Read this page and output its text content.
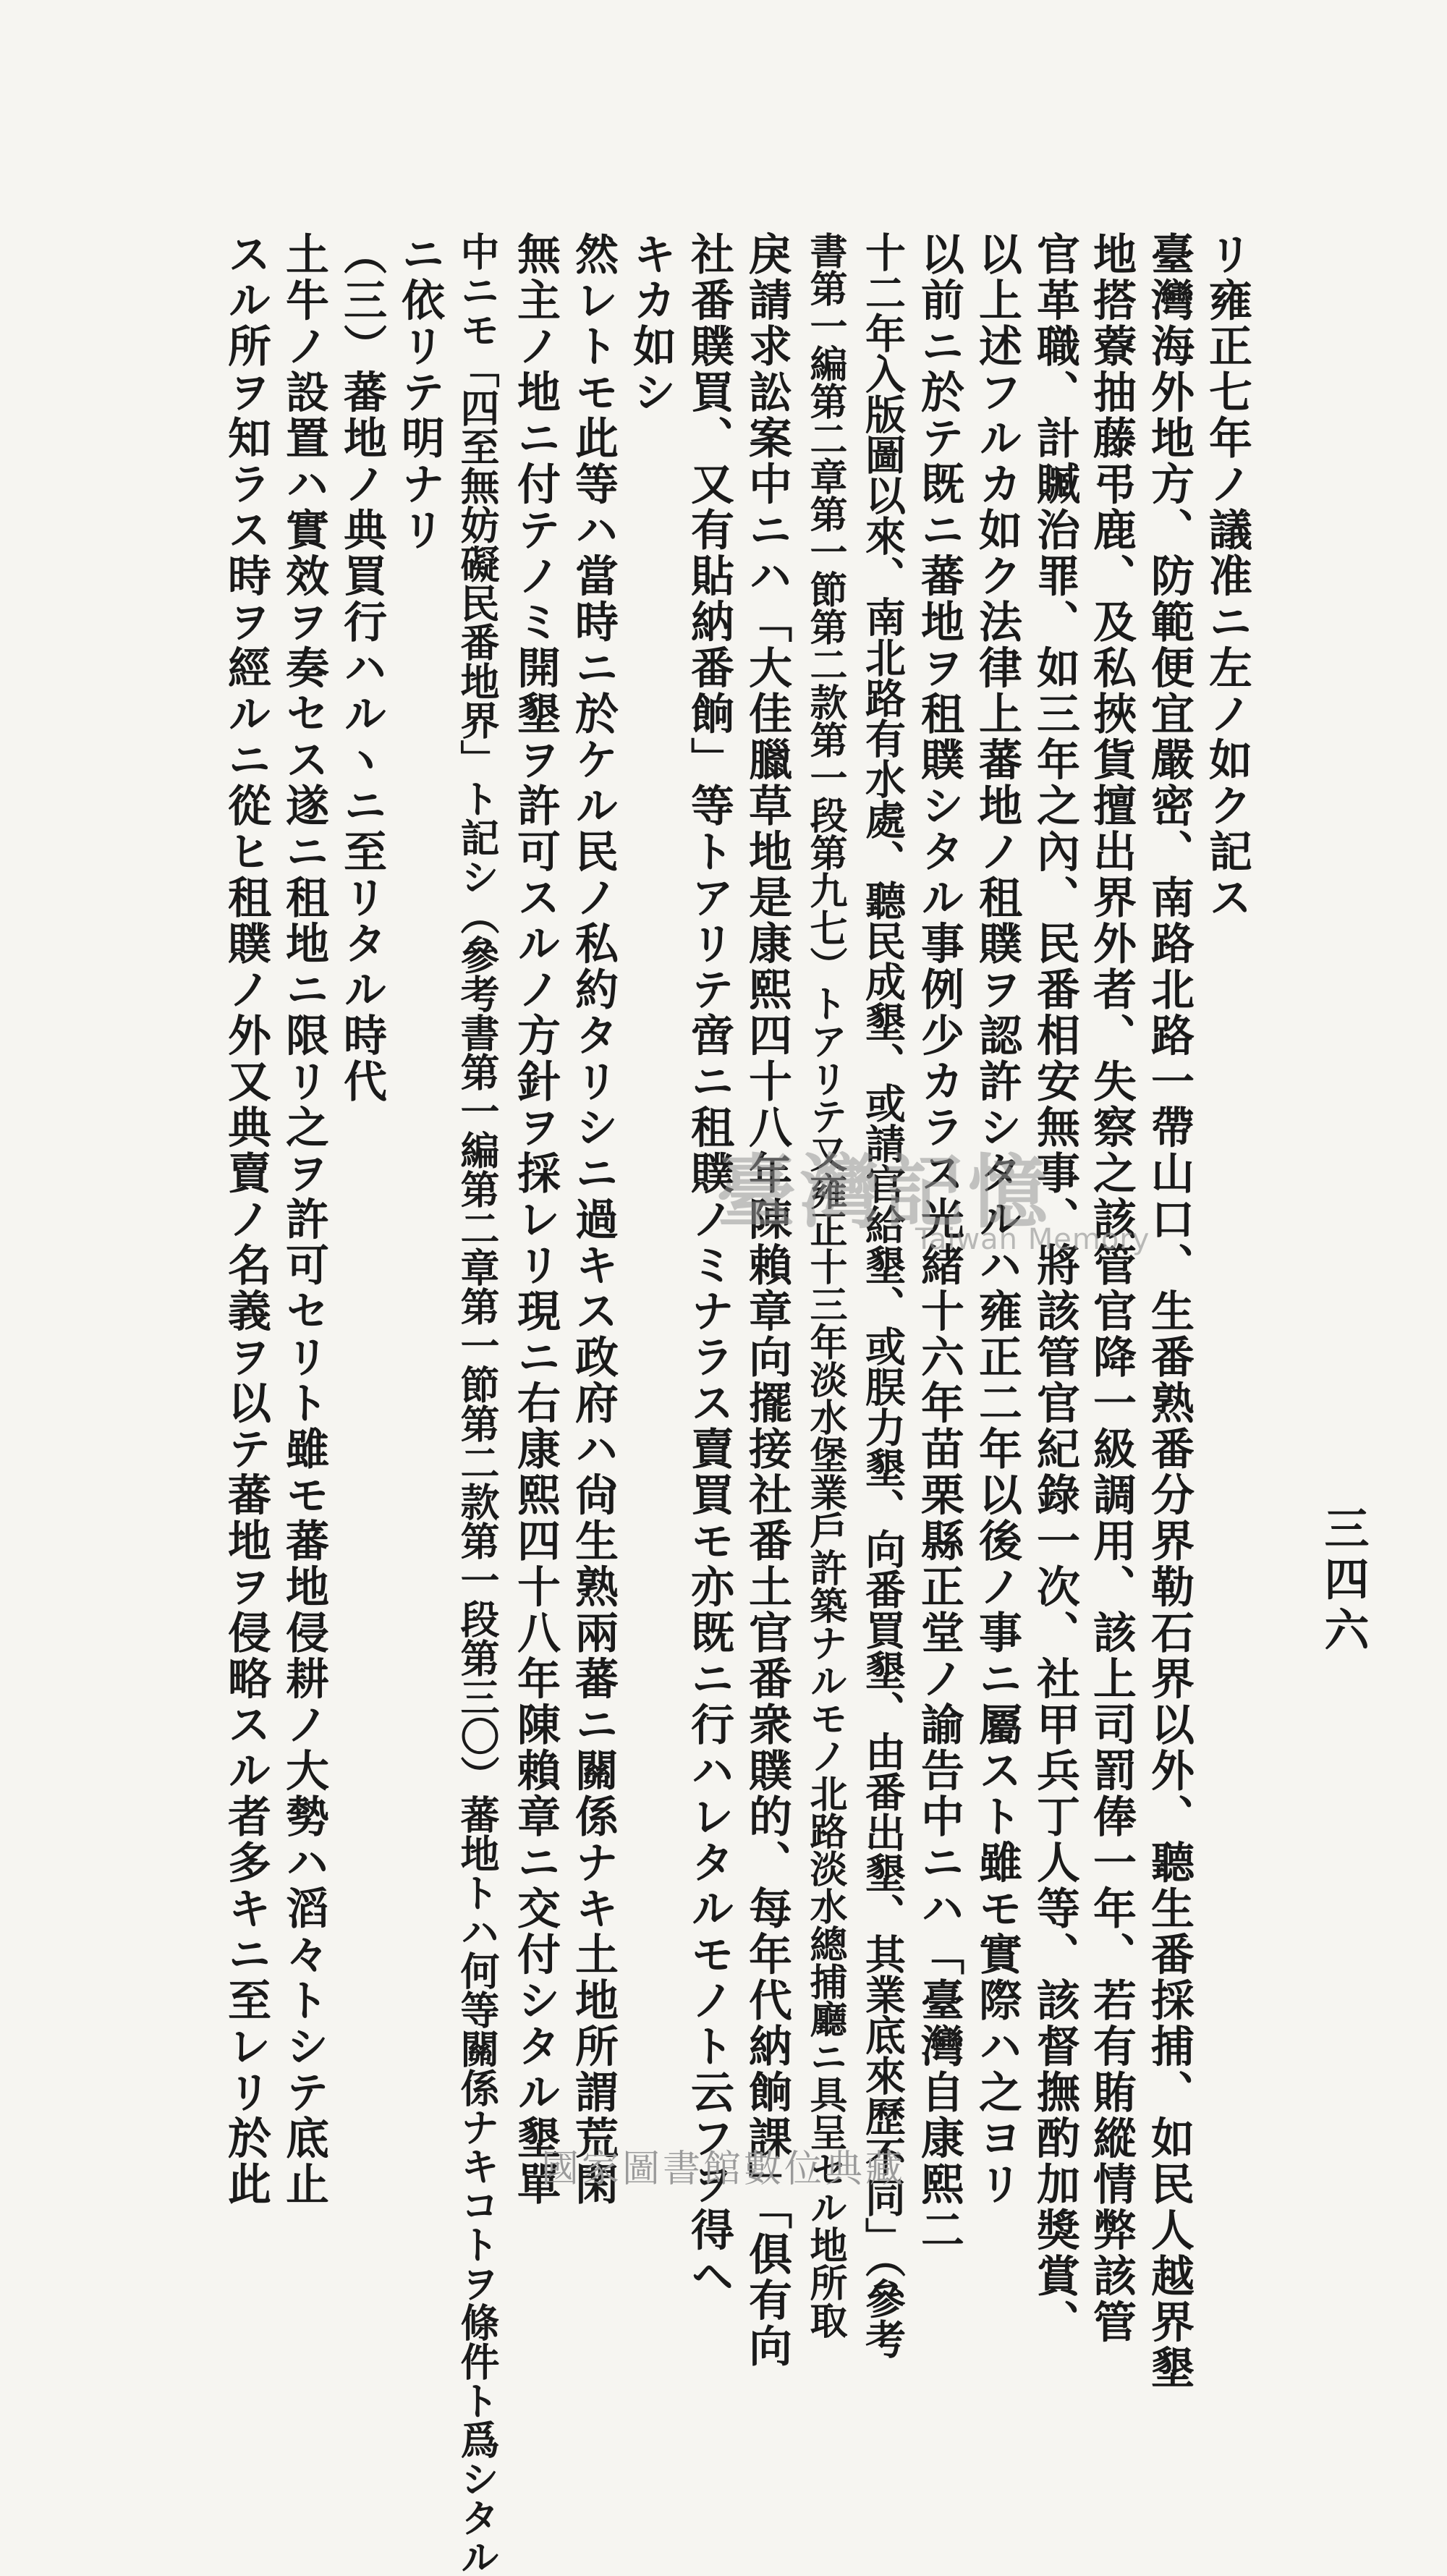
三四六
リ雍正七年ノ議准ニ左ノ如ク記ス
臺灣海外地方、防範便宜嚴密、南路北路一帶山口、生番熟番分界勒石界以外、聽生番採捕、如民人越界墾
地搭藔抽藤弔鹿、及私挾貨擅出界外者、失察之該管官降一級調用、該上司罰俸一年、若有賄縱情弊該管
官革職、計贓治罪、如三年之內、民番相安無事、將該管官紀錄一次、社甲兵丁人等、該督撫酌加獎賞、
以上述フルカ如ク法律上蕃地ノ租贌ヲ認許シタルハ雍正二年以後ノ事ニ屬スト雖モ實際ハ之ヨリ
以前ニ於テ既ニ蕃地ヲ租贌シタル事例少カラス光緒十六年苗栗縣正堂ノ諭告中ニハ「臺灣自康熙二
十二年入版圖以來、南北路有水處、聽民成墾、或請官給墾、或脵力墾、向番買墾、由番出墾、其業底來歷不同」（參考
書第一編第二章第一節第二款第一段第九七）トアリテ又雍正十三年淡水堡業戶許築ナルモノ北路淡水總捕廳ニ具呈セル地所取
戾請求訟案中ニハ「大佳臘草地是康熙四十八年陳賴章向擺接社番土官番衆贌的、每年代納餉課」「俱有向
社番贌買、又有貼納番餉」等トアリテ啻ニ租贌ノミナラス賣買モ亦既ニ行ハレタルモノト云フヲ得ヘ
キカ如シ
然レトモ此等ハ當時ニ於ケル民ノ私約タリシニ過キス政府ハ尙生熟兩蕃ニ關係ナキ土地所謂荒閑
無主ノ地ニ付テノミ開墾ヲ許可スルノ方針ヲ採レリ現ニ右康熙四十八年陳賴章ニ交付シタル墾單
中ニモ「四至無妨礙民番地界」ト記シ（參考書第一編第二章第一節第二款第一段第三〇）蕃地トハ何等關係ナキコトヲ條件ト爲シタル
ニ依リテ明ナリ
（三）蕃地ノ典買行ハルヽニ至リタル時代
土牛ノ設置ハ實效ヲ奏セス遂ニ租地ニ限リ之ヲ許可セリト雖モ蕃地侵耕ノ大勢ハ滔々トシテ底止
スル所ヲ知ラス時ヲ經ルニ從ヒ租贌ノ外又典賣ノ名義ヲ以テ蕃地ヲ侵略スル者多キニ至レリ於此	臺灣記憶
Taiwan Memory
國家圖書館數位典藏
